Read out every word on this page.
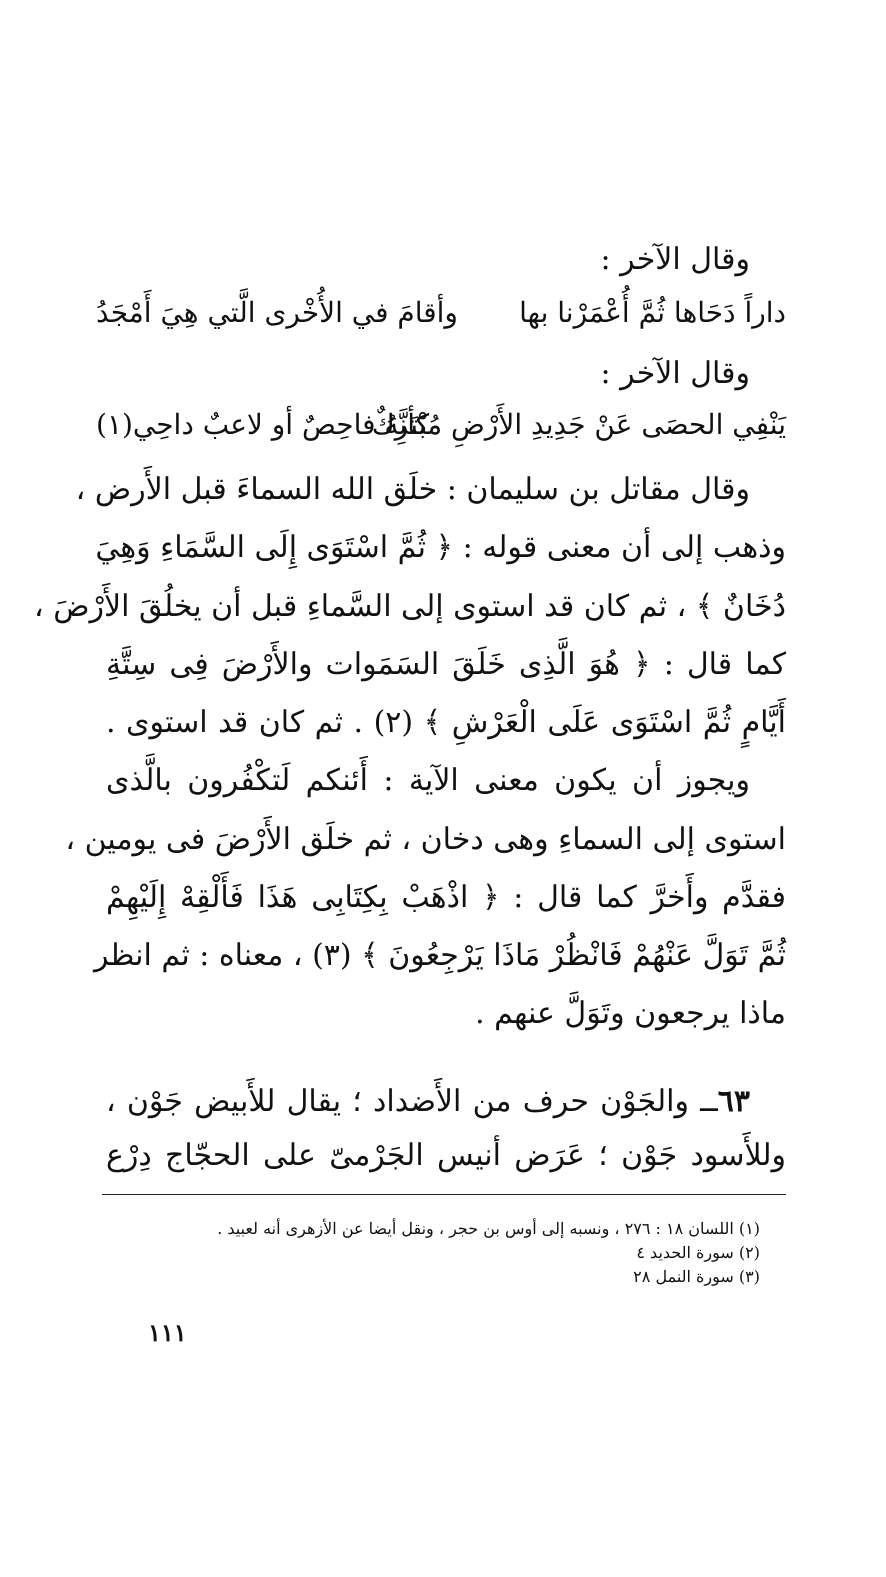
وقال الآخر :
داراً دَحَاها ثُمَّ أُعْمَرْنا بها
وأقامَ في الأُخْرى الَّتي هِيَ أَمْجَدُ
وقال الآخر :
يَنْفِي الحصَى عَنْ جَدِيدِ الأَرْضِ مُبْتَرِكٌ
كأنَّهُ فاحِصٌ أو لاعبٌ داحِي(١)
وقال مقاتل بن سليمان : خلَق الله السماءَ قبل الأَرض ،
وذهب إلى أن معنى قوله : ﴿ ثُمَّ اسْتَوَى إِلَى السَّمَاءِ وَهِيَ
دُخَانٌ ﴾ ، ثم كان قد استوى إلى السَّماءِ قبل أن يخلُقَ الأَرْضَ ،
كما قال : ﴿ هُوَ الَّذِى خَلَقَ السَمَوات والأَرْضَ فِى سِتَّةِ
أَيَّامٍ ثُمَّ اسْتَوَى عَلَى الْعَرْشِ ﴾ (٢) . ثم كان قد استوى .
ويجوز أن يكون معنى الآية : أَئنكم لَتكْفُرون بالَّذى
استوى إلى السماءِ وهى دخان ، ثم خلَق الأَرْضَ فى يومين ،
فقدَّم وأَخرَّ كما قال : ﴿ اذْهَبْ بِكِتَابِى هَذَا فَأَلْقِهْ إِلَيْهِمْ
ثُمَّ تَوَلَّ عَنْهُمْ فَانْظُرْ مَاذَا يَرْجِعُونَ ﴾ (٣) ، معناه : ثم انظر
ماذا يرجعون وتَوَلَّ عنهم .
٦٣ــ والجَوْن حرف من الأَضداد ؛ يقال للأَبيض جَوْن ،
وللأَسود جَوْن ؛ عَرَض أنيس الجَرْمىّ على الحجّاج دِرْع
(١) اللسان ١٨ : ٢٧٦ ، ونسبه إلى أوس بن حجر ، ونقل أيضا عن الأزهرى أنه لعبيد .
(٢) سورة الحديد ٤
(٣) سورة النمل ٢٨
١١١
